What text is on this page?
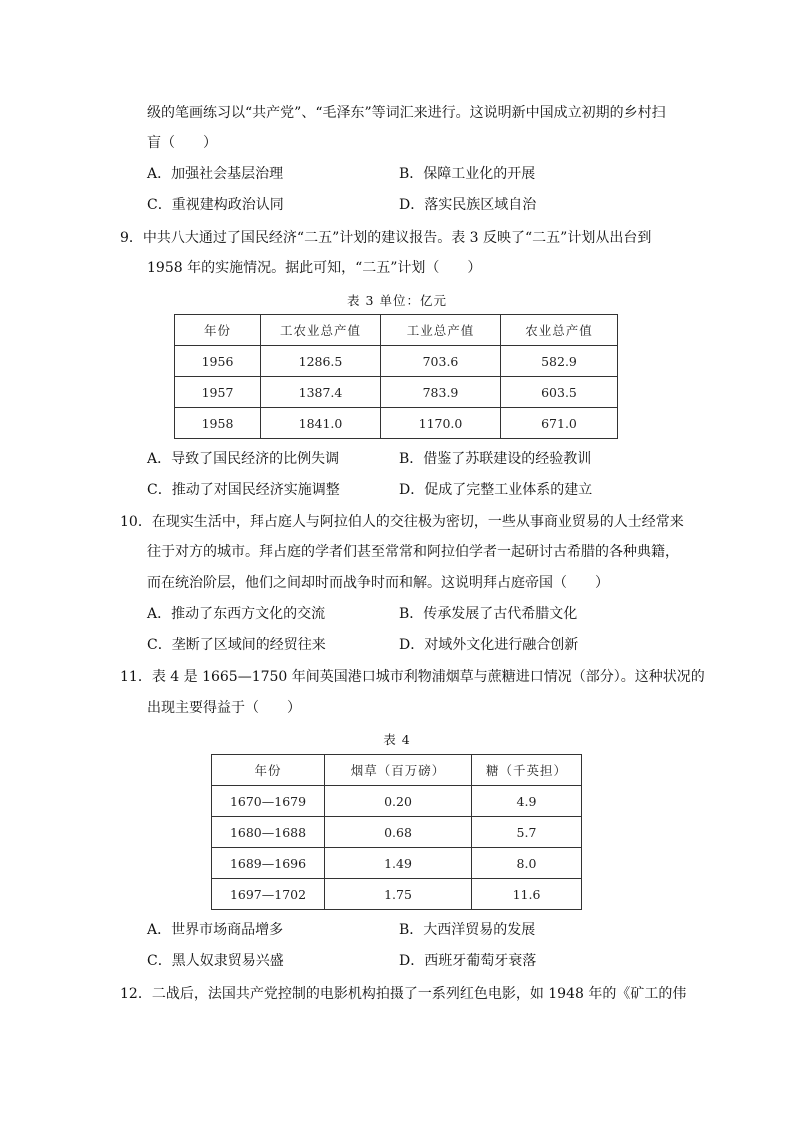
级的笔画练习以“共产党”、“毛泽东”等词汇来进行。这说明新中国成立初期的乡村扫
盲（　　）
A．加强社会基层治理	B．保障工业化的开展
C．重视建构政治认同	D．落实民族区域自治
9．中共八大通过了国民经济“二五”计划的建议报告。表 3 反映了“二五”计划从出台到
1958 年的实施情况。据此可知，“二五”计划（　　）
表 3 单位：亿元
年份	工农业总产值	工业总产值	农业总产值
1956	1286.5	703.6	582.9
1957	1387.4	783.9	603.5
1958	1841.0	1170.0	671.0
A．导致了国民经济的比例失调	B．借鉴了苏联建设的经验教训
C．推动了对国民经济实施调整	D．促成了完整工业体系的建立
10．在现实生活中，拜占庭人与阿拉伯人的交往极为密切，一些从事商业贸易的人士经常来
往于对方的城市。拜占庭的学者们甚至常常和阿拉伯学者一起研讨古希腊的各种典籍，
而在统治阶层，他们之间却时而战争时而和解。这说明拜占庭帝国（　　）
A．推动了东西方文化的交流	B．传承发展了古代希腊文化
C．垄断了区域间的经贸往来	D．对域外文化进行融合创新
11．表 4 是 1665—1750 年间英国港口城市利物浦烟草与蔗糖进口情况（部分）。这种状况的
出现主要得益于（　　）
表 4
年份	烟草（百万磅）	糖（千英担）
1670—1679	0.20	4.9
1680—1688	0.68	5.7
1689—1696	1.49	8.0
1697—1702	1.75	11.6
A．世界市场商品增多	B．大西洋贸易的发展
C．黑人奴隶贸易兴盛	D．西班牙葡萄牙衰落
12．二战后，法国共产党控制的电影机构拍摄了一系列红色电影，如 1948 年的《矿工的伟
